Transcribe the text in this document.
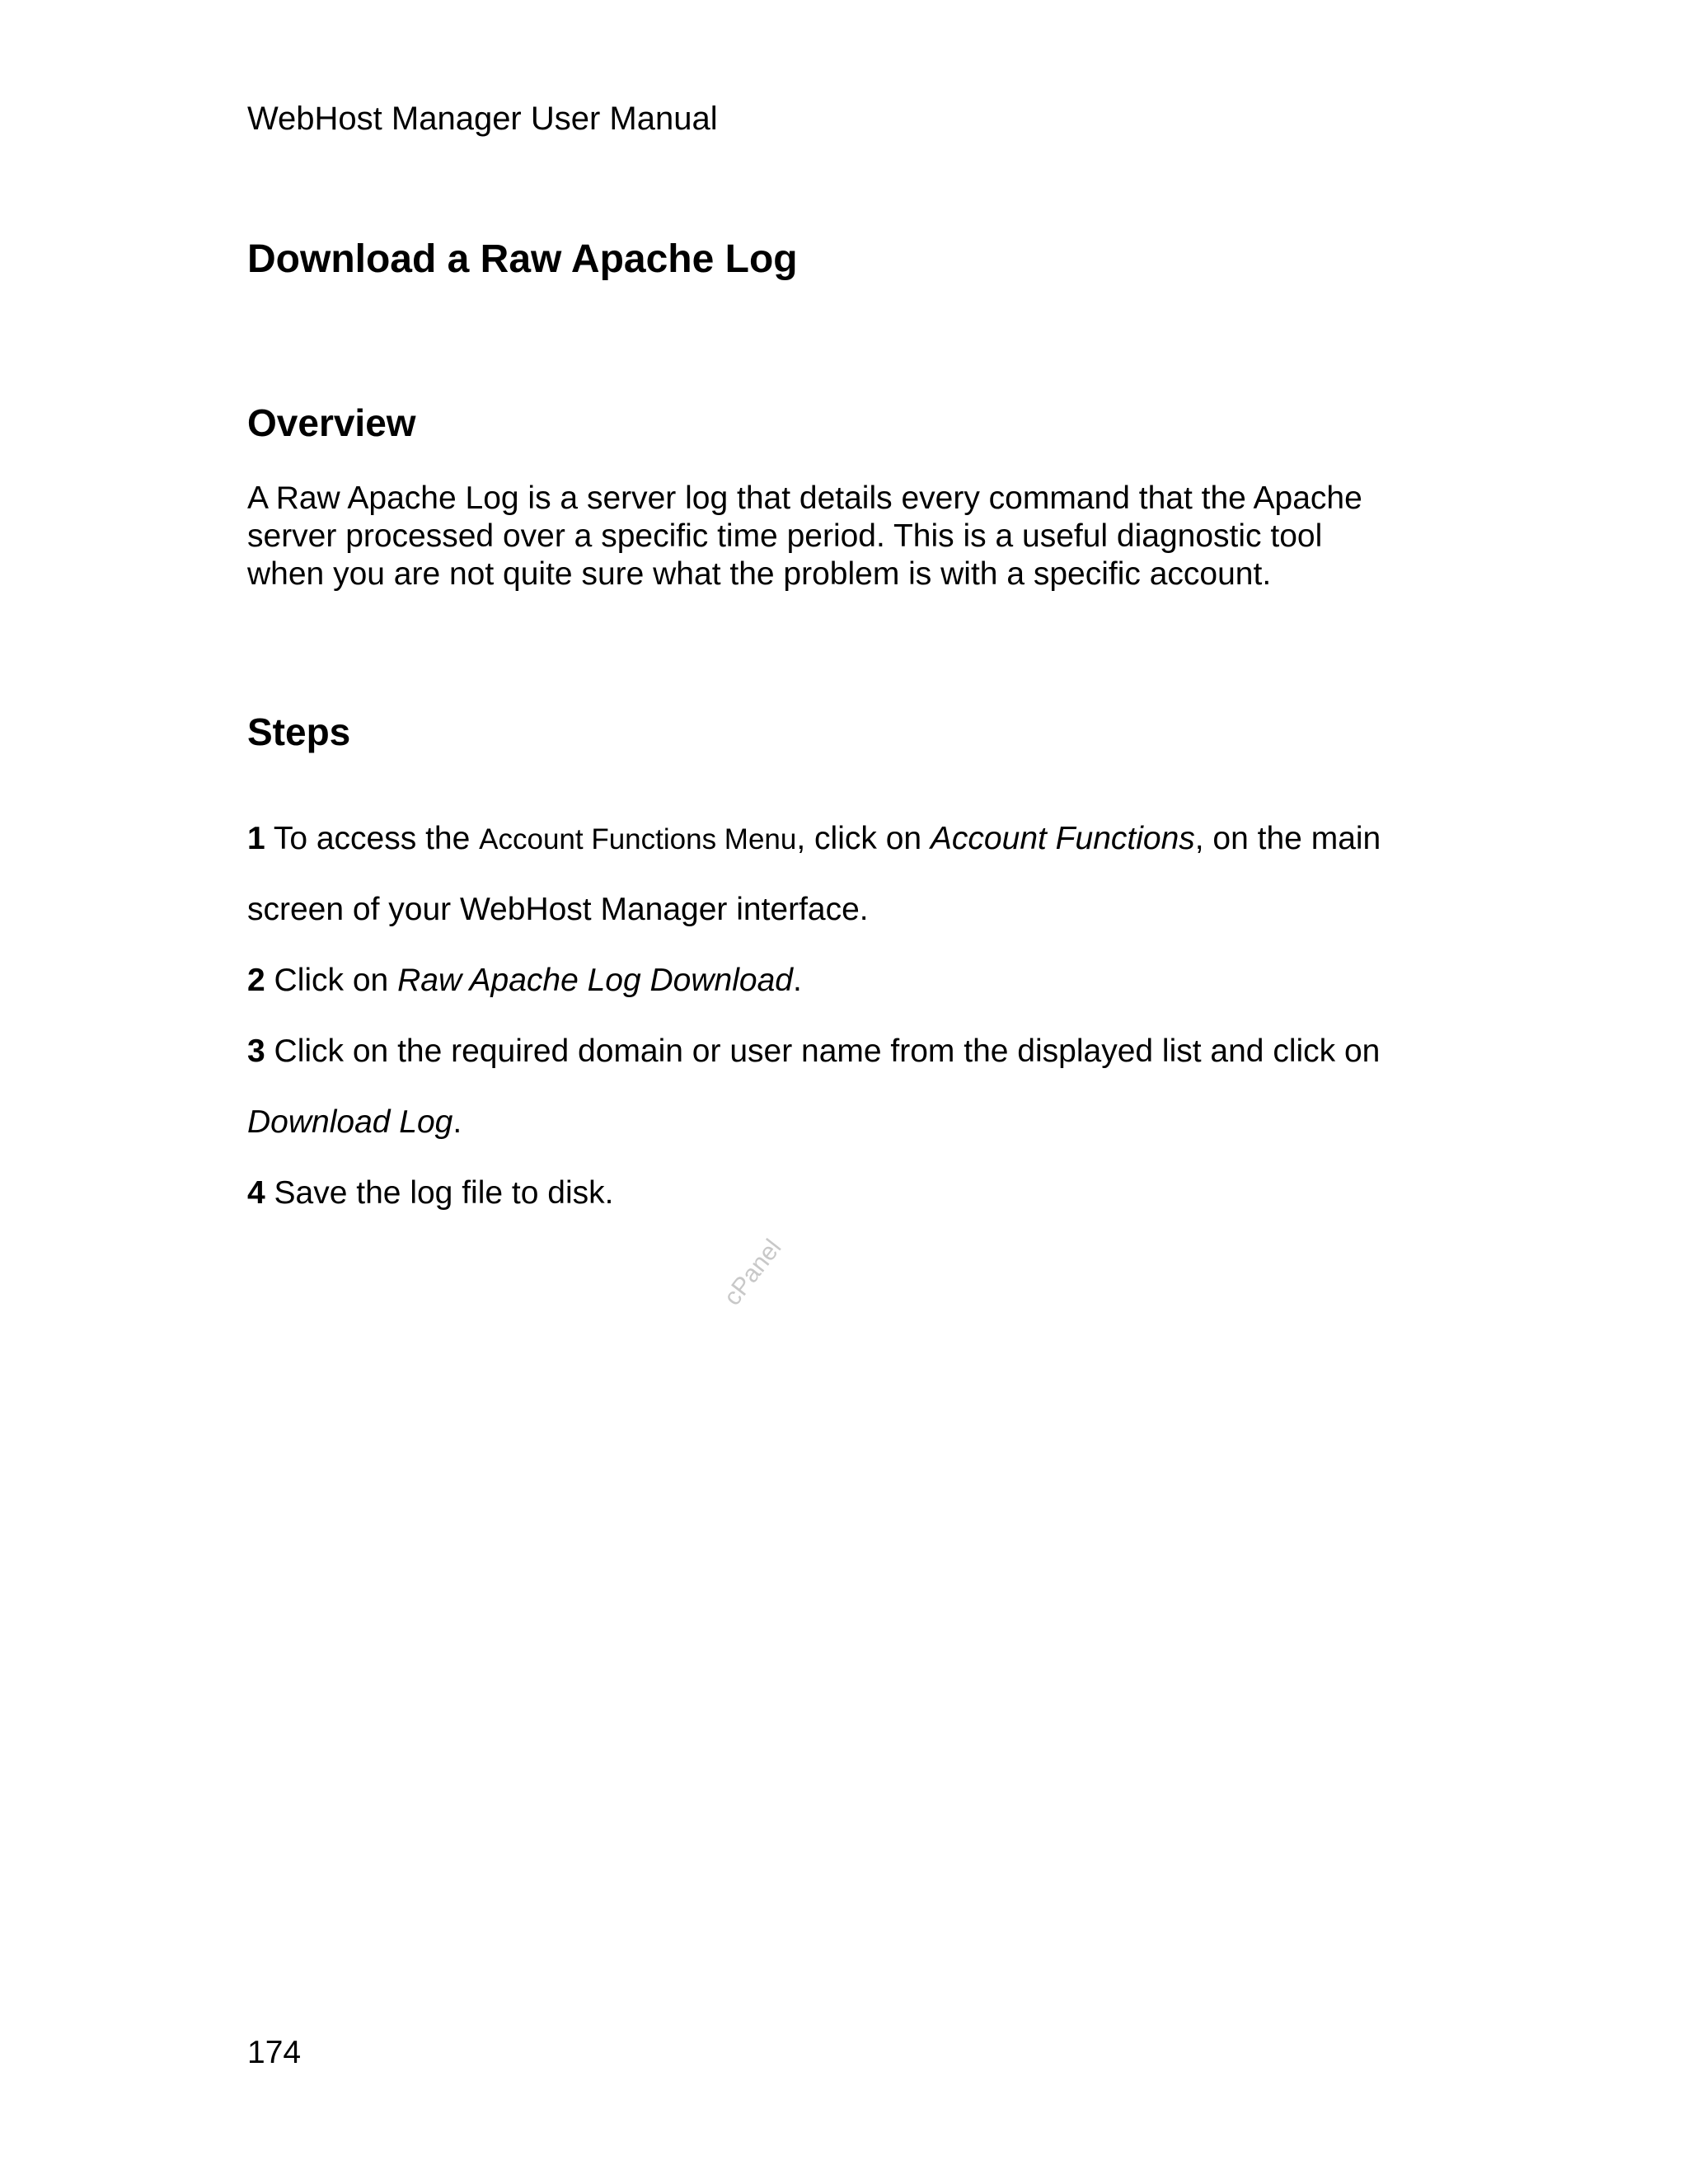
WebHost Manager User Manual
Download a Raw Apache Log
Overview
A Raw Apache Log is a server log that details every command that the Apache
server processed over a specific time period. This is a useful diagnostic tool
when you are not quite sure what the problem is with a specific account.
Steps
1 To access the Account Functions Menu, click on Account Functions, on the main
screen of your WebHost Manager interface.
2 Click on Raw Apache Log Download.
3 Click on the required domain or user name from the displayed list and click on
Download Log.
4 Save the log file to disk.
cPanel
174
